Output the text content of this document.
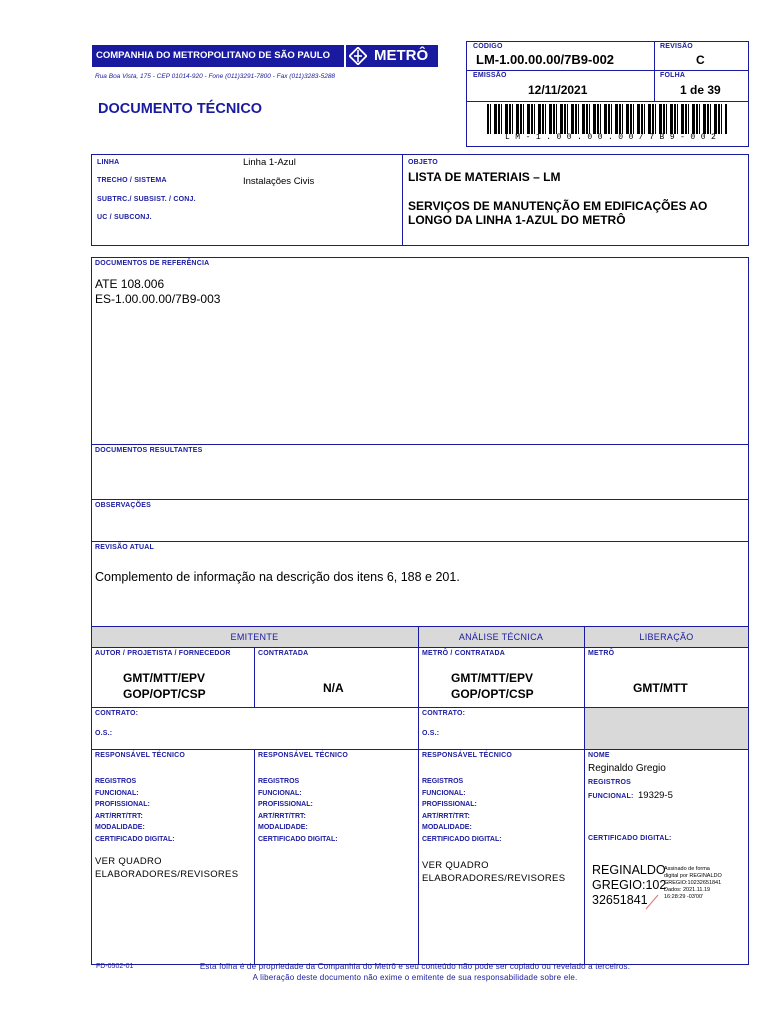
COMPANHIA DO METROPOLITANO DE SÃO PAULO	METRÔ
Rua Boa Vista, 175 - CEP 01014-920 - Fone (011)3291-7800 - Fax (011)3283-5288
DOCUMENTO TÉCNICO
CÓDIGO
LM-1.00.00.00/7B9-002
REVISÃO
C
EMISSÃO
12/11/2021
FOLHA
1 de 39
LM-1.00.00.00/7B9-002
LINHA	Linha 1-Azul
TRECHO / SISTEMA	Instalações Civis
SUBTRC./ SUBSIST. / CONJ.
UC / SUBCONJ.
OBJETO
LISTA DE MATERIAIS – LM
SERVIÇOS DE MANUTENÇÃO EM EDIFICAÇÕES AO LONGO DA LINHA 1-AZUL DO METRÔ
DOCUMENTOS DE REFERÊNCIA
ATE 108.006
ES-1.00.00.00/7B9-003
DOCUMENTOS RESULTANTES
OBSERVAÇÕES
REVISÃO ATUAL
Complemento de informação na descrição dos itens 6, 188 e 201.
EMITENTE	ANÁLISE TÉCNICA	LIBERAÇÃO
AUTOR / PROJETISTA / FORNECEDOR
GMT/MTT/EPV
GOP/OPT/CSP
CONTRATADA
N/A
METRÔ / CONTRATADA
GMT/MTT/EPV
GOP/OPT/CSP
METRÔ
GMT/MTT
CONTRATO:
O.S.:
CONTRATO:
O.S.:
RESPONSÁVEL TÉCNICO
REGISTROS
FUNCIONAL:
PROFISSIONAL:
ART/RRT/TRT:
MODALIDADE:
CERTIFICADO DIGITAL:
VER QUADRO
ELABORADORES/REVISORES
RESPONSÁVEL TÉCNICO
REGISTROS
FUNCIONAL:
PROFISSIONAL:
ART/RRT/TRT:
MODALIDADE:
CERTIFICADO DIGITAL:
RESPONSÁVEL TÉCNICO
REGISTROS
FUNCIONAL:
PROFISSIONAL:
ART/RRT/TRT:
MODALIDADE:
CERTIFICADO DIGITAL:
VER QUADRO
ELABORADORES/REVISORES
NOME
Reginaldo Gregio
REGISTROS
FUNCIONAL: 19329-5
CERTIFICADO DIGITAL:
REGINALDO
GREGIO:102
32651841
Assinado de forma
digital por REGINALDO
GREGIO:10232651841
Dados: 2021.11.19
16:28:29 -03'00'
FD-0502-01	Esta folha é de propriedade da Companhia do Metrô e seu conteúdo não pode ser copiado ou revelado a terceiros.
A liberação deste documento não exime o emitente de sua responsabilidade sobre ele.
